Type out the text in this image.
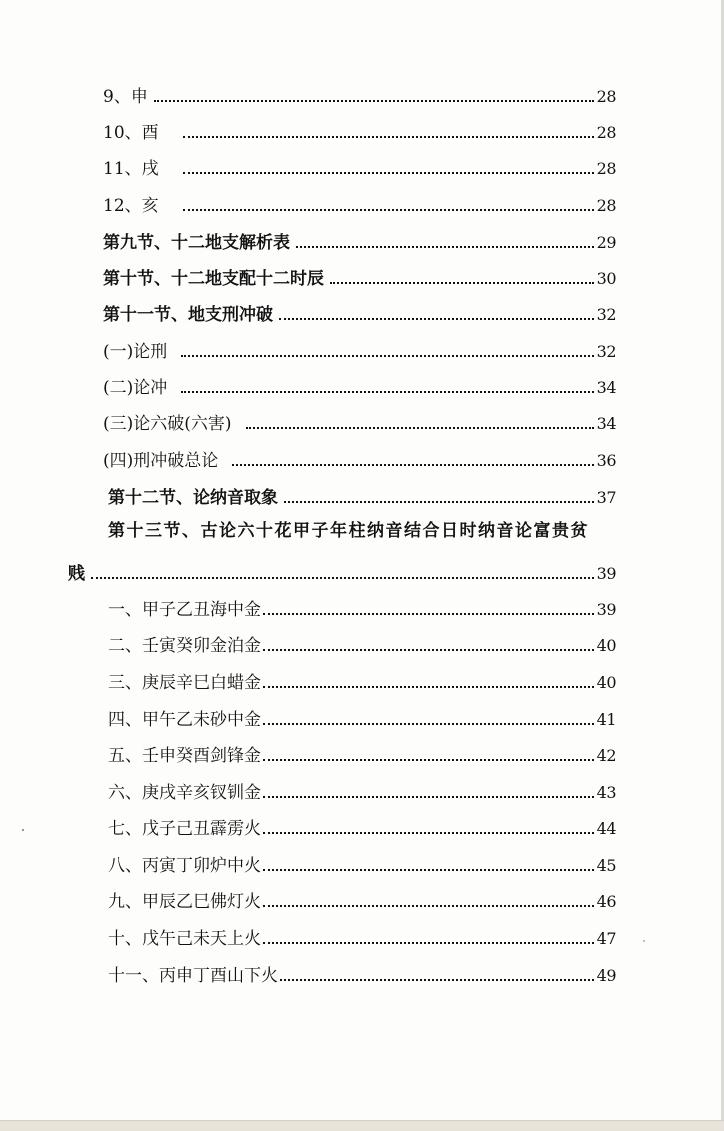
9、申	28
10、酉	28
11、戌	28
12、亥	28
第九节、十二地支解析表	29
第十节、十二地支配十二时辰	30
第十一节、地支刑冲破	32
(一)论刑	32
(二)论冲	34
(三)论六破(六害)	34
(四)刑冲破总论	36
第十二节、论纳音取象	37
第十三节、古论六十花甲子年柱纳音结合日时纳音论富贵贫
贱	39
一、甲子乙丑海中金	39
二、壬寅癸卯金泊金	40
三、庚辰辛巳白蜡金	40
四、甲午乙未砂中金	41
五、壬申癸酉剑锋金	42
六、庚戌辛亥钗钏金	43
七、戊子己丑霹雳火	44
八、丙寅丁卯炉中火	45
九、甲辰乙巳佛灯火	46
十、戊午己未天上火	47
十一、丙申丁酉山下火	49
